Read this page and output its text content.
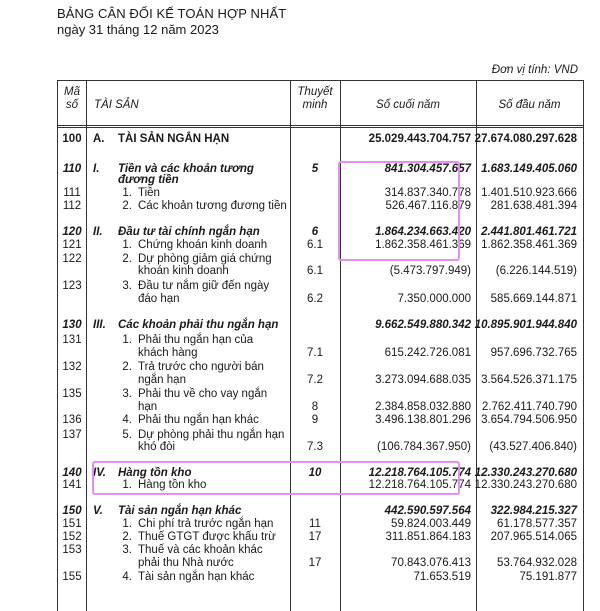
BẢNG CÂN ĐỐI KẾ TOÁN HỢP NHẤT
ngày 31 tháng 12 năm 2023
Đơn vị tính: VND
Mã
số	TÀI SẢN
Thuyết
minh	Số cuối năm	Số đầu năm
100 A. TÀI SẢN NGẮN HẠN	25.029.443.704.757 27.674.080.297.628
110 I. Tiền và các khoản tương	5	841.304.457.657 1.683.149.405.060
đương tiền
111	1. Tiền	314.837.340.778 1.401.510.923.666
112	2. Các khoản tương đương tiền	526.467.116.879 281.638.481.394
120 II. Đầu tư tài chính ngắn hạn	6	1.864.234.663.420 2.441.801.461.721
121	1. Chứng khoán kinh doanh	6.1	1.862.358.461.369 1.862.358.461.369
122	2. Dự phòng giảm giá chứng
khoán kinh doanh	6.1	(5.473.797.949) (6.226.144.519)
123	3. Đầu tư nắm giữ đến ngày
đáo hạn	6.2	7.350.000.000 585.669.144.871
130 III. Các khoản phải thu ngắn hạn	9.662.549.880.342 10.895.901.944.840
131	1. Phải thu ngắn hạn của
khách hàng	7.1	615.242.726.081 957.696.732.765
132	2. Trả trước cho người bán
ngắn hạn	7.2	3.273.094.688.035 3.564.526.371.175
135	3. Phải thu về cho vay ngắn
hạn	8	2.384.858.032.880 2.762.411.740.790
136	4. Phải thu ngắn hạn khác	9	3.496.138.801.296 3.654.794.506.950
137	5. Dự phòng phải thu ngắn hạn
khó đòi	7.3	(106.784.367.950) (43.527.406.840)
140 IV. Hàng tồn kho	10	12.218.764.105.774 12.330.243.270.680
141	1. Hàng tồn kho	12.218.764.105.774 12.330.243.270.680
150 V. Tài sản ngắn hạn khác	442.590.597.564 322.984.215.327
151	1. Chi phí trả trước ngắn hạn	11	59.824.003.449 61.178.577.357
152	2. Thuế GTGT được khấu trừ	17	311.851.864.183 207.965.514.065
153	3. Thuế và các khoản khác
phải thu Nhà nước	17	70.843.076.413 53.764.932.028
155	4. Tài sản ngắn hạn khác	71.653.519	75.191.877
